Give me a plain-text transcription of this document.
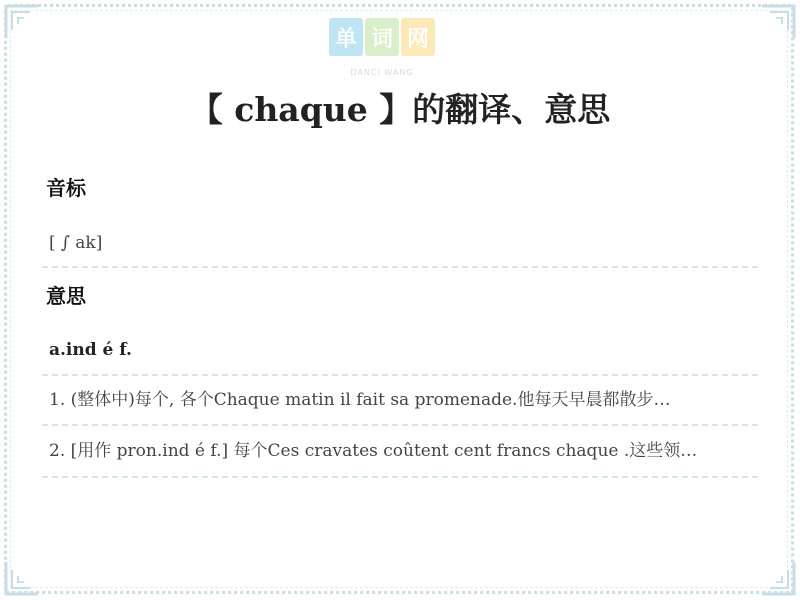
单 词 网
DANCI WANG
【 chaque 】的翻译、意思
音标
[ ∫ ak]
意思
a.ind é f.
1. (整体中)每个, 各个Chaque matin il fait sa promenade.他每天早晨都散步…
2. [用作 pron.ind é f.] 每个Ces cravates coûtent cent francs chaque .这些领…
